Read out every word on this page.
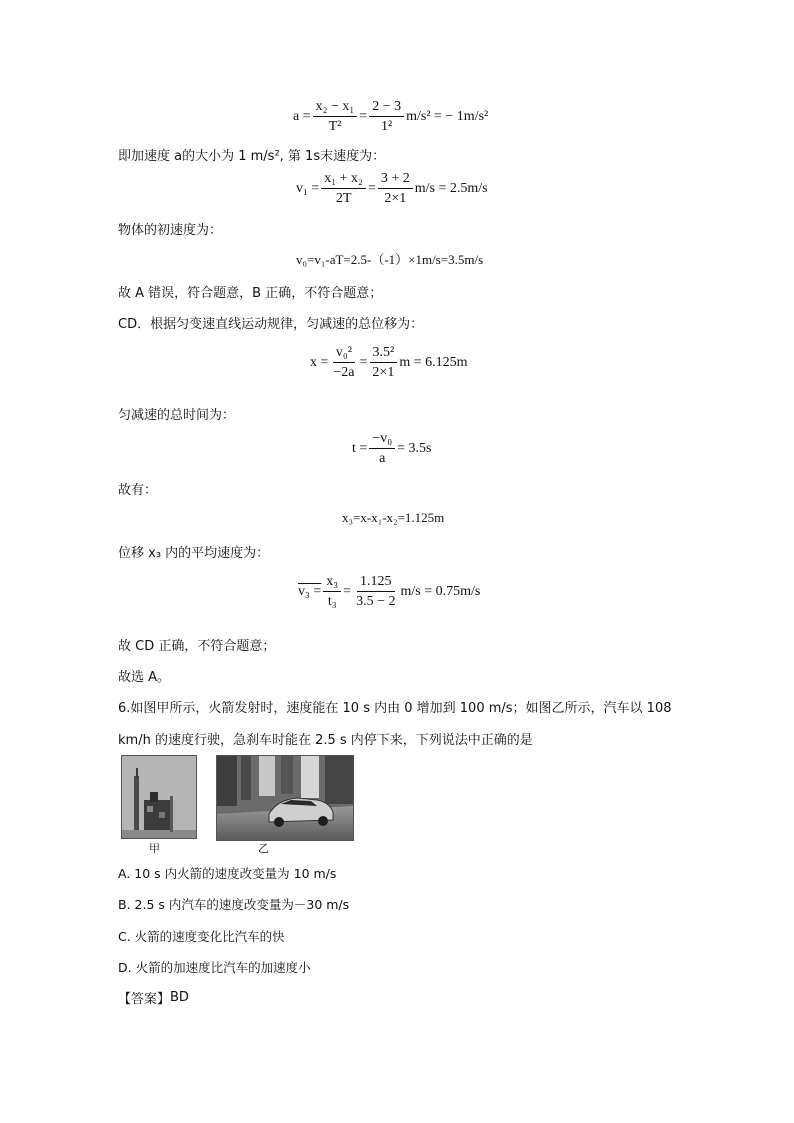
$a = \frac{\text{x₂ − x₁}}{\text{T²}} = \frac{2 - 3}{\text{1²}} m/s^2$ = − 1m/s²
即加速度 a的大小为 1 m/s², 第 1s末速度为：
$v_1 = \frac{\text{x₁ + x₂}}{2T} = \frac{3 + 2}{2\times 1} m/s = 2.5m/s$
物体的初速度为：
v₀=v₁-aT=2.5-（-1）×1m/s=3.5m/s
故 A 错误，符合题意，B 正确，不符合题意；
CD．根据匀变速直线运动规律，匀减速的总位移为：
$x = \frac{\text{v₀²}}{-2a} = \frac{\text{3.5²}}{2\times 1}$ m = 6.125m
匀减速的总时间为：
$t = \frac{\text{−v₀}}{a} = 3.5s$
故有：
x₃=x-x₁-x₂=1.125m
位移 x₃ 内的平均速度为：
$v_3 = \frac{\text{x₃}}{\text{t₃}} = \frac{1.125}{3.5 - 2} m/s = 0.75m/s$
故 CD 正确，不符合题意；
故选 A。
6.如图甲所示，火箭发射时，速度能在 10 s 内由 0 增加到 100 m/s；如图乙所示，汽车以 108
km/h 的速度行驶，急刹车时能在 2.5 s 内停下来，下列说法中正确的是
甲	乙
A. 10 s 内火箭的速度改变量为 10 m/s
B. 2.5 s 内汽车的速度改变量为－30 m/s
C. 火箭的速度变化比汽车的快
D. 火箭的加速度比汽车的加速度小
【答案】 BD
